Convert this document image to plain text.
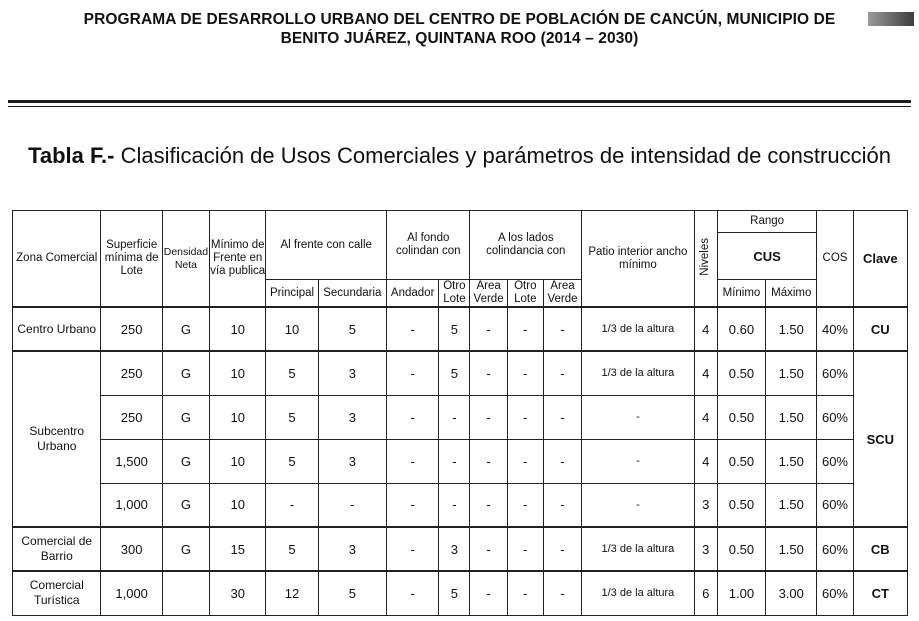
PROGRAMA DE DESARROLLO URBANO DEL CENTRO DE POBLACIÓN DE CANCÚN, MUNICIPIO DE
BENITO JUÁREZ, QUINTANA ROO (2014 – 2030)
Tabla F.- Clasificación de Usos Comerciales y parámetros de intensidad de construcción
Zona Comercial	Superficie mínima de Lote	Densidad Neta	Mínimo de Frente en vía publica	Al frente con calle		Al fondo colindan con		A los lados colindancia con			Patio interior ancho mínimo	Niveles	Rango		COS	Clave
													CUS			
				Principal	Secundaria	Andador	Otro Lote	Área Verde	Otro Lote	Área Verde			Mínimo	Máximo		
Centro Urbano	250	G	10	10	5	-	5	-	-	-	1/3 de la altura	4	0.60	1.50	40%	CU
Subcentro Urbano	250	G	10	5	3	-	5	-	-	-	1/3 de la altura	4	0.50	1.50	60%	SCU
	250	G	10	5	3	-	-	-	-	-	-	4	0.50	1.50	60%	
	1,500	G	10	5	3	-	-	-	-	-	-	4	0.50	1.50	60%	
	1,000	G	10	-	-	-	-	-	-	-	-	3	0.50	1.50	60%	
Comercial de Barrio	300	G	15	5	3	-	3	-	-	-	1/3 de la altura	3	0.50	1.50	60%	CB
Comercial Turística	1,000		30	12	5	-	5	-	-	-	1/3 de la altura	6	1.00	3.00	60%	CT
